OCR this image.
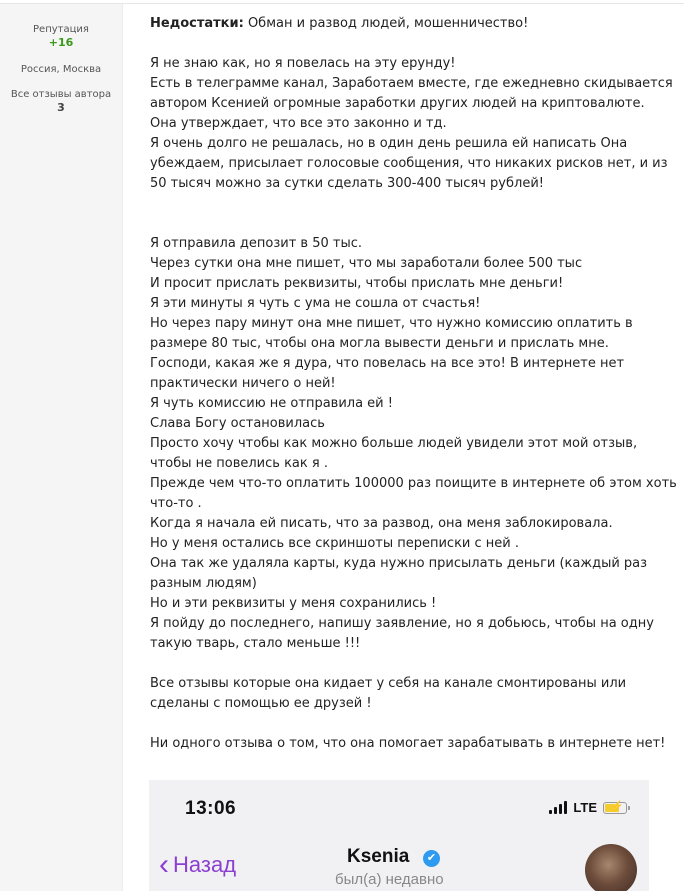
Репутация
+16
Россия, Москва
Все отзывы автора
3
Недостатки: Обман и развод людей, мошенничество!
Я не знаю как, но я повелась на эту ерунду!
Есть в телеграмме канал, Заработаем вместе, где ежедневно скидывается
автором Ксенией огромные заработки других людей на криптовалюте.
Она утверждает, что все это законно и тд.
Я очень долго не решалась, но в один день решила ей написать Она
убеждаем, присылает голосовые сообщения, что никаких рисков нет, и из
50 тысяч можно за сутки сделать 300-400 тысяч рублей!
Я отправила депозит в 50 тыс.
Через сутки она мне пишет, что мы заработали более 500 тыс
И просит прислать реквизиты, чтобы прислать мне деньги!
Я эти минуты я чуть с ума не сошла от счастья!
Но через пару минут она мне пишет, что нужно комиссию оплатить в
размере 80 тыс, чтобы она могла вывести деньги и прислать мне.
Господи, какая же я дура, что повелась на все это! В интернете нет
практически ничего о ней!
Я чуть комиссию не отправила ей !
Слава Богу остановилась
Просто хочу чтобы как можно больше людей увидели этот мой отзыв,
чтобы не повелись как я .
Прежде чем что-то оплатить 100000 раз поищите в интернете об этом хоть
что-то .
Когда я начала ей писать, что за развод, она меня заблокировала.
Но у меня остались все скриншоты переписки с ней .
Она так же удаляла карты, куда нужно присылать деньги (каждый раз
разным людям)
Но и эти реквизиты у меня сохранились !
Я пойду до последнего, напишу заявление, но я добьюсь, чтобы на одну
такую тварь, стало меньше !!!
Все отзывы которые она кидает у себя на канале смонтированы или
сделаны с помощью ее друзей !
Ни одного отзыва о том, что она помогает зарабатывать в интернете нет!
13:06	LTE ⚡
‹ Назад	Ksenia	✔
был(а) недавно
